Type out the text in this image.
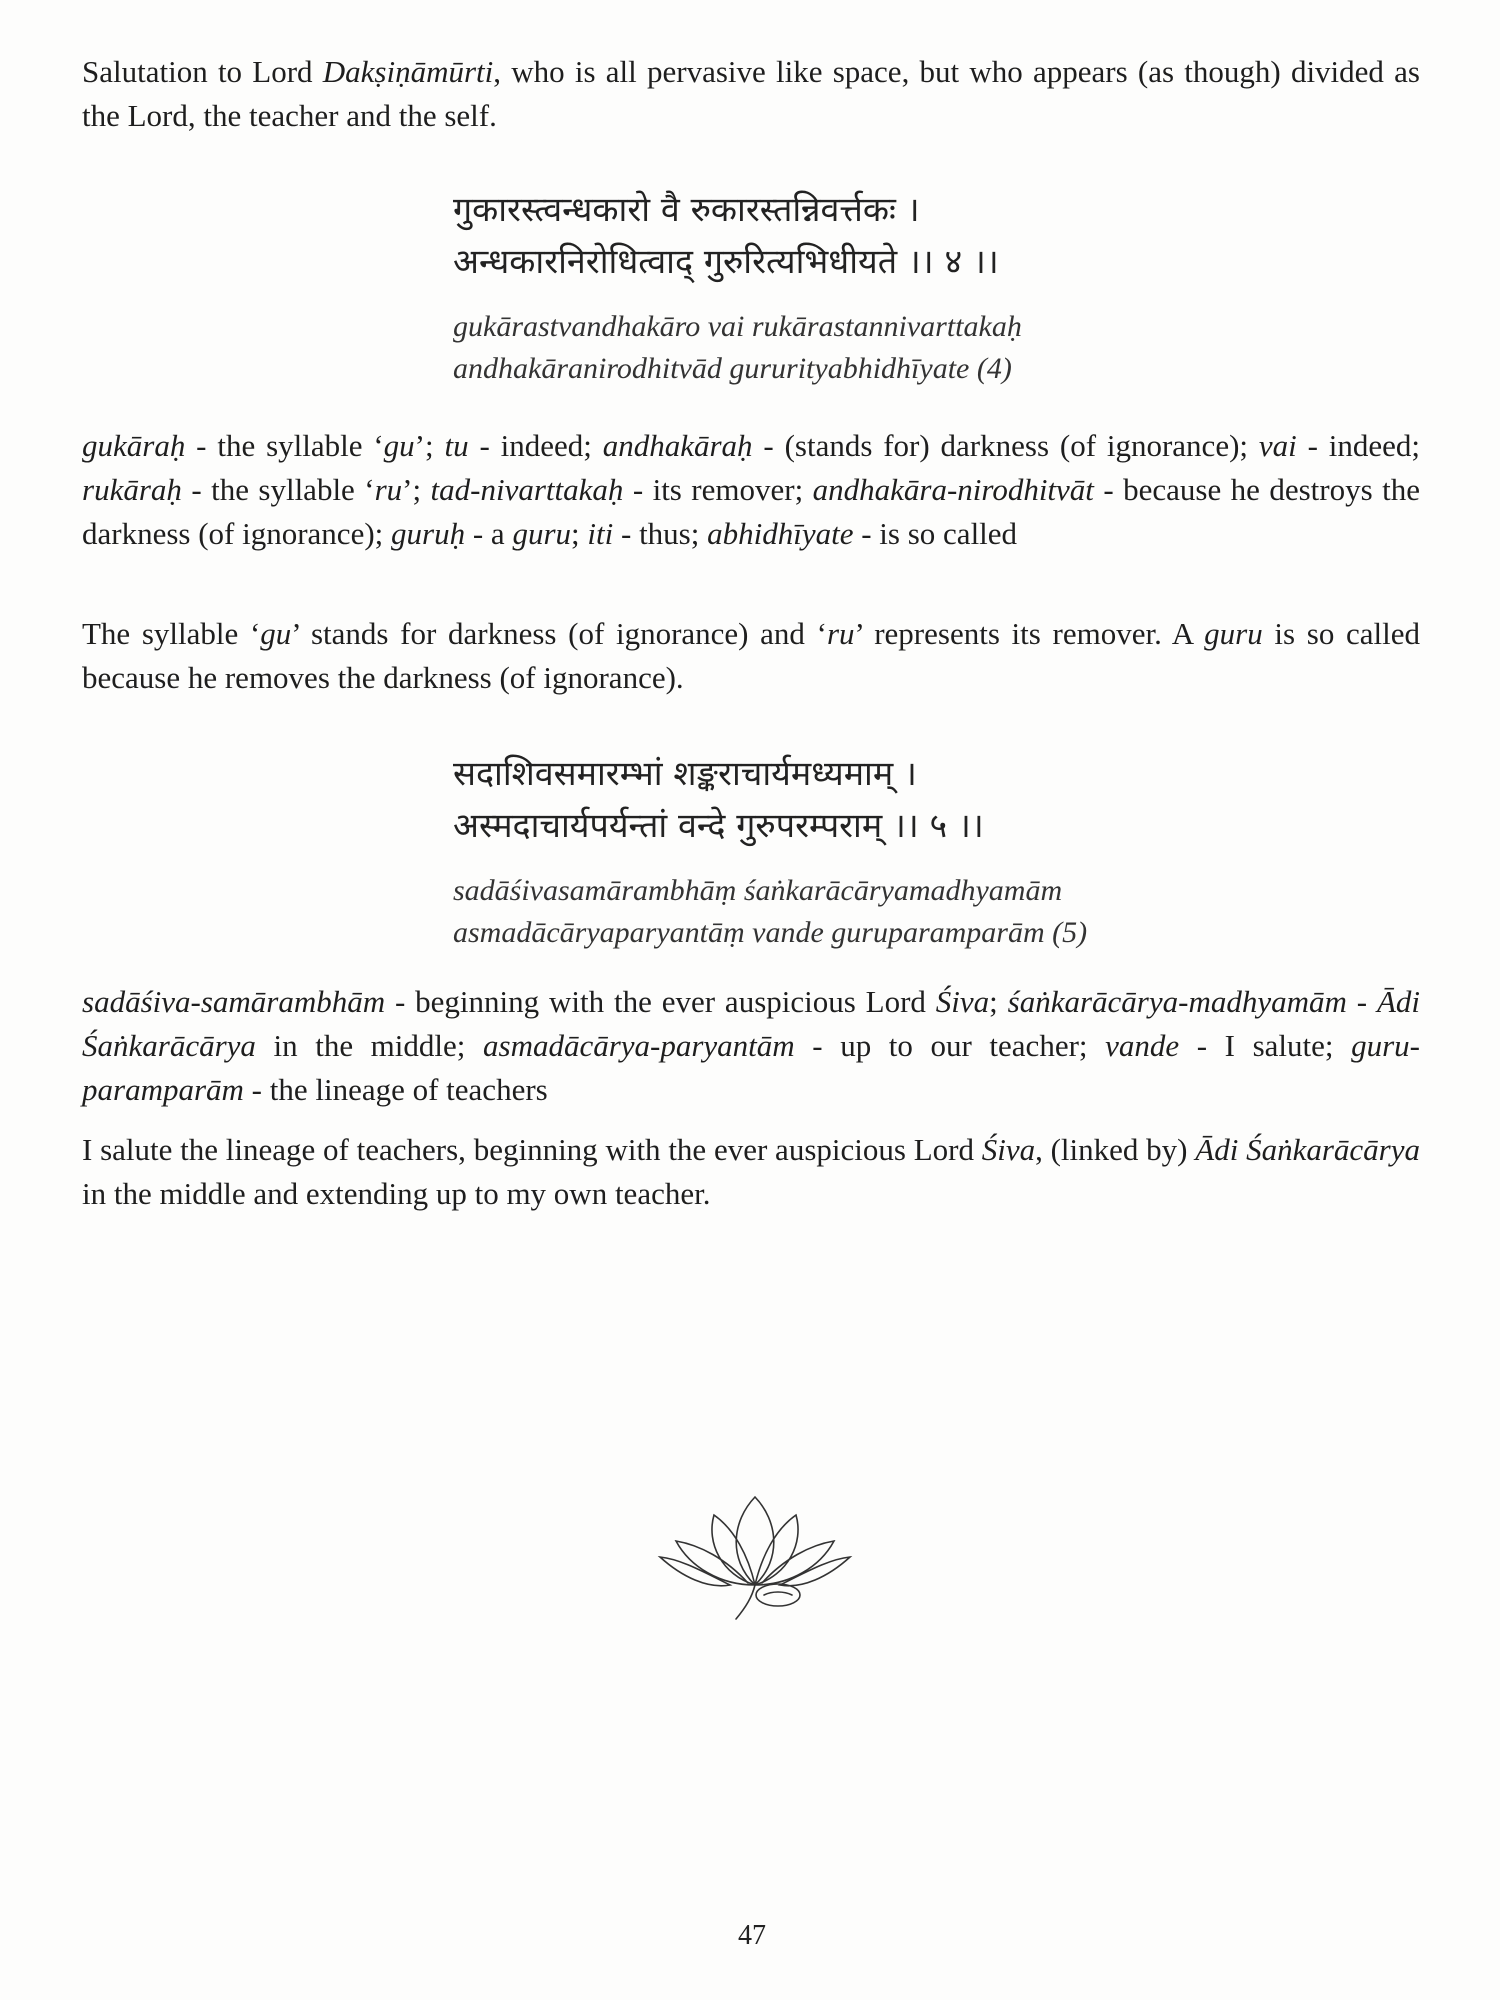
Salutation to Lord Dakṣiṇāmūrti, who is all pervasive like space, but who appears (as though) divided as the Lord, the teacher and the self.

गुकारस्त्वन्धकारो वै रुकारस्तन्निवर्त्तकः ।
अन्धकारनिरोधित्वाद् गुरुरित्यभिधीयते ।। ४ ।।
gukārastvandhakāro vai rukārastannivarttakaḥ
andhakāranirodhitvād gururityabhidhīyate (4)

gukāraḥ - the syllable ‘gu’; tu - indeed; andhakāraḥ - (stands for) darkness (of ignorance); vai - indeed; rukāraḥ - the syllable ‘ru’; tad-nivarttakaḥ - its remover; andhakāra-nirodhitvāt - because he destroys the darkness (of ignorance); guruḥ - a guru; iti - thus; abhidhīyate - is so called

The syllable ‘gu’ stands for darkness (of ignorance) and ‘ru’ represents its remover. A guru is so called because he removes the darkness (of ignorance).

सदाशिवसमारम्भां शङ्कराचार्यमध्यमाम् ।
अस्मदाचार्यपर्यन्तां वन्दे गुरुपरम्पराम् ।। ५ ।।
sadāśivasamārambhāṃ śaṅkarācāryamadhyamām
asmadācāryaparyantāṃ vande guruparamparām (5)

sadāśiva-samārambhām - beginning with the ever auspicious Lord Śiva; śaṅkarācārya-madhyamām - Ādi Śaṅkarācārya in the middle; asmadācārya-paryantām - up to our teacher; vande - I salute; guru-paramparām - the lineage of teachers

I salute the lineage of teachers, beginning with the ever auspicious Lord Śiva, (linked by) Ādi Śaṅkarācārya in the middle and extending up to my own teacher.

47
